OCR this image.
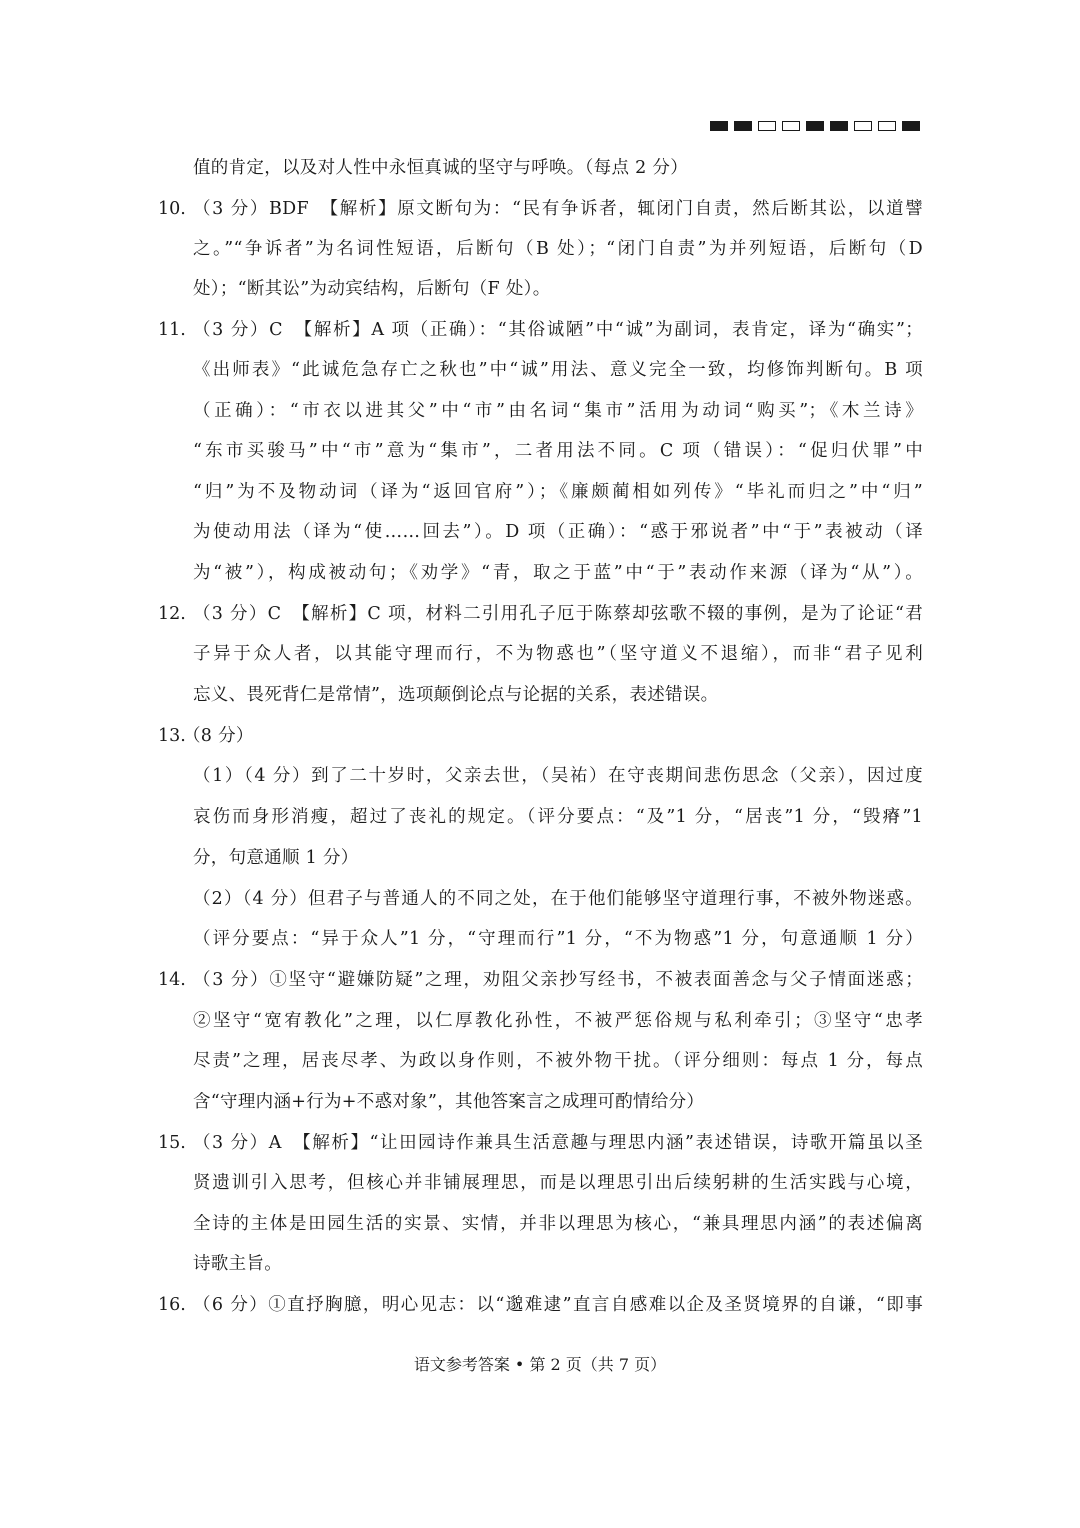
10.
11.
12.
13.
14.
15.
16.
值的肯定，以及对人性中永恒真诚的坚守与呼唤。（每点 2 分）
（3 分）BDF　【解析】原文断句为：“民有争诉者，辄闭门自责，然后断其讼，以道譬
之。”“争诉者”为名词性短语，后断句（B 处）；“闭门自责”为并列短语，后断句（D
处）；“断其讼”为动宾结构，后断句（F 处）。
（3 分）C　【解析】A 项（正确）：“其俗诚陋”中“诚”为副词，表肯定，译为“确实”；
《出师表》“此诚危急存亡之秋也”中“诚”用法、意义完全一致，均修饰判断句。B 项
（正确）：“市衣以进其父”中“市”由名词“集市”活用为动词“购买”；《木兰诗》
“东市买骏马”中“市”意为“集市”，二者用法不同。C 项（错误）：“促归伏罪”中
“归”为不及物动词（译为“返回官府”）；《廉颇蔺相如列传》“毕礼而归之”中“归”
为使动用法（译为“使……回去”）。D 项（正确）：“惑于邪说者”中“于”表被动（译
为“被”），构成被动句；《劝学》“青，取之于蓝”中“于”表动作来源（译为“从”）。
（3 分）C　【解析】C 项，材料二引用孔子厄于陈蔡却弦歌不辍的事例，是为了论证“君
子异于众人者，以其能守理而行，不为物惑也”（坚守道义不退缩），而非“君子见利
忘义、畏死背仁是常情”，选项颠倒论点与论据的关系，表述错误。
（8 分）
（1）（4 分）到了二十岁时，父亲去世，（吴祐）在守丧期间悲伤思念（父亲），因过度
哀伤而身形消瘦，超过了丧礼的规定。（评分要点：“及”1 分，“居丧”1 分，“毁瘠”1
分，句意通顺 1 分）
（2）（4 分）但君子与普通人的不同之处，在于他们能够坚守道理行事，不被外物迷惑。
（评分要点：“异于众人”1 分，“守理而行”1 分，“不为物惑”1 分，句意通顺 1 分）
（3 分）①坚守“避嫌防疑”之理，劝阻父亲抄写经书，不被表面善念与父子情面迷惑；
②坚守“宽宥教化”之理，以仁厚教化孙性，不被严惩俗规与私利牵引；③坚守“忠孝
尽责”之理，居丧尽孝、为政以身作则，不被外物干扰。（评分细则：每点 1 分，每点
含“守理内涵+行为+不惑对象”，其他答案言之成理可酌情给分）
（3 分）A　【解析】“让田园诗作兼具生活意趣与理思内涵”表述错误，诗歌开篇虽以圣
贤遗训引入思考，但核心并非铺展理思，而是以理思引出后续躬耕的生活实践与心境，
全诗的主体是田园生活的实景、实情，并非以理思为核心，“兼具理思内涵”的表述偏离
诗歌主旨。
（6 分）①直抒胸臆，明心见志：以“邈难逮”直言自感难以企及圣贤境界的自谦，“即事
语文参考答案 • 第 2 页（共 7 页）
